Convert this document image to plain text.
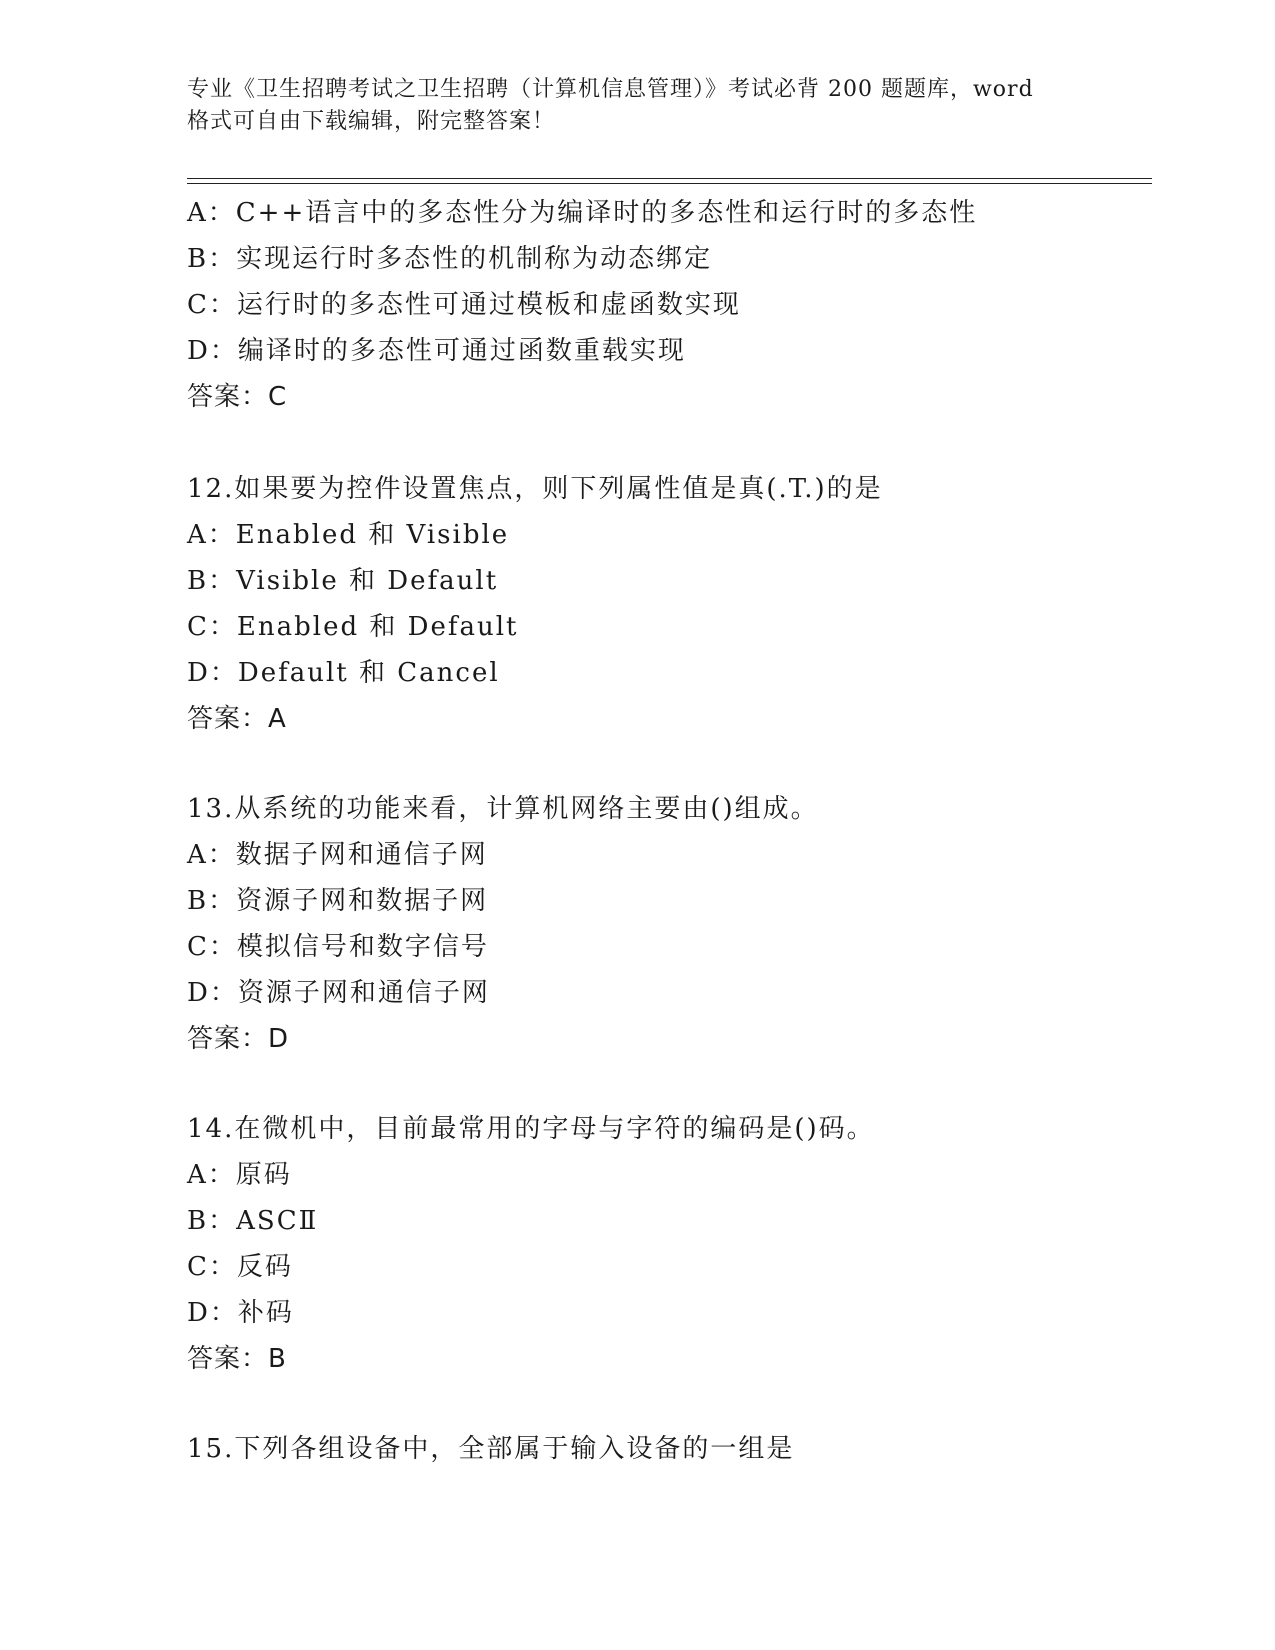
专业《卫生招聘考试之卫生招聘（计算机信息管理）》考试必背 200 题题库，word
格式可自由下载编辑，附完整答案！
A：C++语言中的多态性分为编译时的多态性和运行时的多态性
B：实现运行时多态性的机制称为动态绑定
C：运行时的多态性可通过模板和虚函数实现
D：编译时的多态性可通过函数重载实现
答案：C
12.如果要为控件设置焦点，则下列属性值是真(.T.)的是
A：Enabled 和 Visible
B：Visible 和 Default
C：Enabled 和 Default
D：Default 和 Cancel
答案：A
13.从系统的功能来看，计算机网络主要由()组成。
A：数据子网和通信子网
B：资源子网和数据子网
C：模拟信号和数字信号
D：资源子网和通信子网
答案：D
14.在微机中，目前最常用的字母与字符的编码是()码。
A：原码
B：ASCⅡ
C：反码
D：补码
答案：B
15.下列各组设备中，全部属于输入设备的一组是
